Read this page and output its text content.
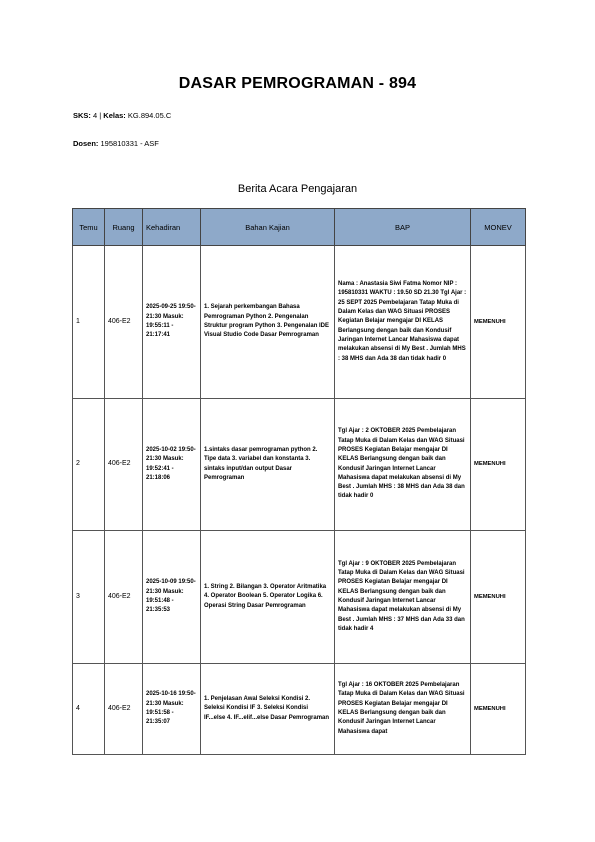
DASAR PEMROGRAMAN - 894
SKS: 4 | Kelas: KG.894.05.C
Dosen: 195810331 - ASF
Berita Acara Pengajaran
Temu	Ruang	Kehadiran	Bahan Kajian	BAP	MONEV
1	406-E2	2025-09-25 19:50-21:30 Masuk: 19:55:11 - 21:17:41	1. Sejarah perkembangan Bahasa Pemrograman Python 2. Pengenalan Struktur program Python 3. Pengenalan IDE Visual Studio Code Dasar Pemrograman	Nama : Anastasia Siwi Fatma Nomor NIP : 195810331 WAKTU : 19.50 SD 21.30 Tgl Ajar : 25 SEPT 2025 Pembelajaran Tatap Muka di Dalam Kelas dan WAG Situasi PROSES Kegiatan Belajar mengajar DI KELAS Berlangsung dengan baik dan Kondusif Jaringan Internet Lancar Mahasiswa dapat melakukan absensi di My Best . Jumlah MHS : 38 MHS dan Ada 38 dan tidak hadir 0	MEMENUHI
2	406-E2	2025-10-02 19:50-21:30 Masuk: 19:52:41 - 21:18:06	1.sintaks dasar pemrograman python 2. Tipe data 3. variabel dan konstanta 3. sintaks input/dan output Dasar Pemrograman	Tgl Ajar : 2 OKTOBER 2025 Pembelajaran Tatap Muka di Dalam Kelas dan WAG Situasi PROSES Kegiatan Belajar mengajar DI KELAS Berlangsung dengan baik dan Kondusif Jaringan Internet Lancar Mahasiswa dapat melakukan absensi di My Best . Jumlah MHS : 38 MHS dan Ada 38 dan tidak hadir 0	MEMENUHI
3	406-E2	2025-10-09 19:50-21:30 Masuk: 19:51:48 - 21:35:53	1. String 2. Bilangan 3. Operator Aritmatika 4. Operator Boolean 5. Operator Logika 6. Operasi String Dasar Pemrograman	Tgl Ajar : 9 OKTOBER 2025 Pembelajaran Tatap Muka di Dalam Kelas dan WAG Situasi PROSES Kegiatan Belajar mengajar DI KELAS Berlangsung dengan baik dan Kondusif Jaringan Internet Lancar Mahasiswa dapat melakukan absensi di My Best . Jumlah MHS : 37 MHS dan Ada 33 dan tidak hadir 4	MEMENUHI
4	406-E2	2025-10-16 19:50-21:30 Masuk: 19:51:58 - 21:35:07	1. Penjelasan Awal Seleksi Kondisi 2. Seleksi Kondisi IF 3. Seleksi Kondisi IF...else 4. IF...elif...else Dasar Pemrograman	Tgl Ajar : 16 OKTOBER 2025 Pembelajaran Tatap Muka di Dalam Kelas dan WAG Situasi PROSES Kegiatan Belajar mengajar DI KELAS Berlangsung dengan baik dan Kondusif Jaringan Internet Lancar Mahasiswa dapat	MEMENUHI
